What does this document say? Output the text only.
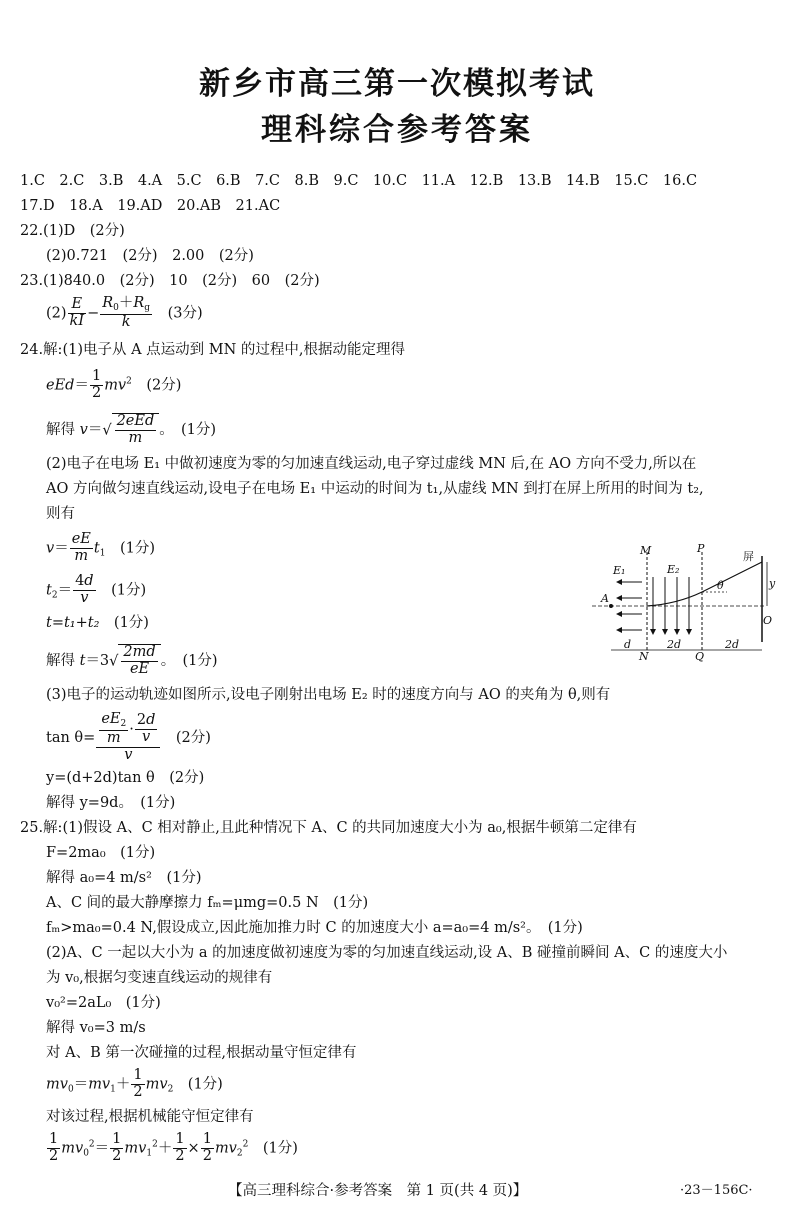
新乡市高三第一次模拟考试
理科综合参考答案
1.C　2.C　3.B　4.A　5.C　6.B　7.C　8.B　9.C　10.C　11.A　12.B　13.B　14.B　15.C　16.C
17.D　18.A　19.AD　20.AB　21.AC
22.(1)D　(2分)
(2)0.721　(2分)　2.00　(2分)
23.(1)840.0　(2分)　10　(2分)　60　(2分)
$(2) \frac{E}{kI} - \frac{R_0+R_g}{k}$
　 (3分)
24.解:(1)电子从 A 点运动到 MN 的过程中,根据动能定理得
$eEd= \frac{1}{2} mv^2$　 (2分)
解得 $v=√ \frac{\text{2eEd}}{m}$ 。　(1分)
(2)电子在电场 E₁ 中做初速度为零的匀加速直线运动,电子穿过虚线 MN 后,在 AO 方向不受力,所以在
AO 方向做匀速直线运动,设电子在电场 E₁ 中运动的时间为 t₁,从虚线 MN 到打在屏上所用的时间为 t₂,
则有
$v= \frac{eE}{m} t_1$　 (1分)
$t_2= \frac{4d}{v}$
　 (1分)
t=t₁+t₂　 (1分)
解得 $t=3√ \frac{2md}{eE}$ 。　(1分)
(3)电子的运动轨迹如图所示,设电子刚射出电场 E₂ 时的速度方向与 AO 的夹角为 θ,则有
$\tan \theta= \frac{\frac{eE_2}{m} \cdot \frac{2d}{v}}{v}$
　 (2分)
y=(d+2d)tan θ　 (2分)
解得 y=9d。　(1分)
M	P
屏
E₁	E₂
θ	y
A
O
N	Q
d	2d	2d
25.解:(1)假设 A、C 相对静止,且此种情况下 A、C 的共同加速度大小为 a₀,根据牛顿第二定律有
F=2ma₀　(1分)
解得 a₀=4 m/s²　(1分)
A、C 间的最大静摩擦力 fₘ=μmg=0.5 N　(1分)
fₘ>ma₀=0.4 N,假设成立,因此施加推力时 C 的加速度大小 a=a₀=4 m/s²。　(1分)
(2)A、C 一起以大小为 a 的加速度做初速度为零的匀加速直线运动,设 A、B 碰撞前瞬间 A、C 的速度大小
为 v₀,根据匀变速直线运动的规律有
v₀²=2aL₀　(1分)
解得 v₀=3 m/s
对 A、B 第一次碰撞的过程,根据动量守恒定律有
$mv_0=mv_1+ \frac{1}{2} mv_2$　 (1分)
对该过程,根据机械能守恒定律有
$\frac{1}{2} mv_0^2= \frac{1}{2} mv_1^2+ \frac{1}{2} \times \frac{1}{2} mv_2^2$　 (1分)
【高三理科综合·参考答案　第 1 页(共 4 页)】	·23－156C·
